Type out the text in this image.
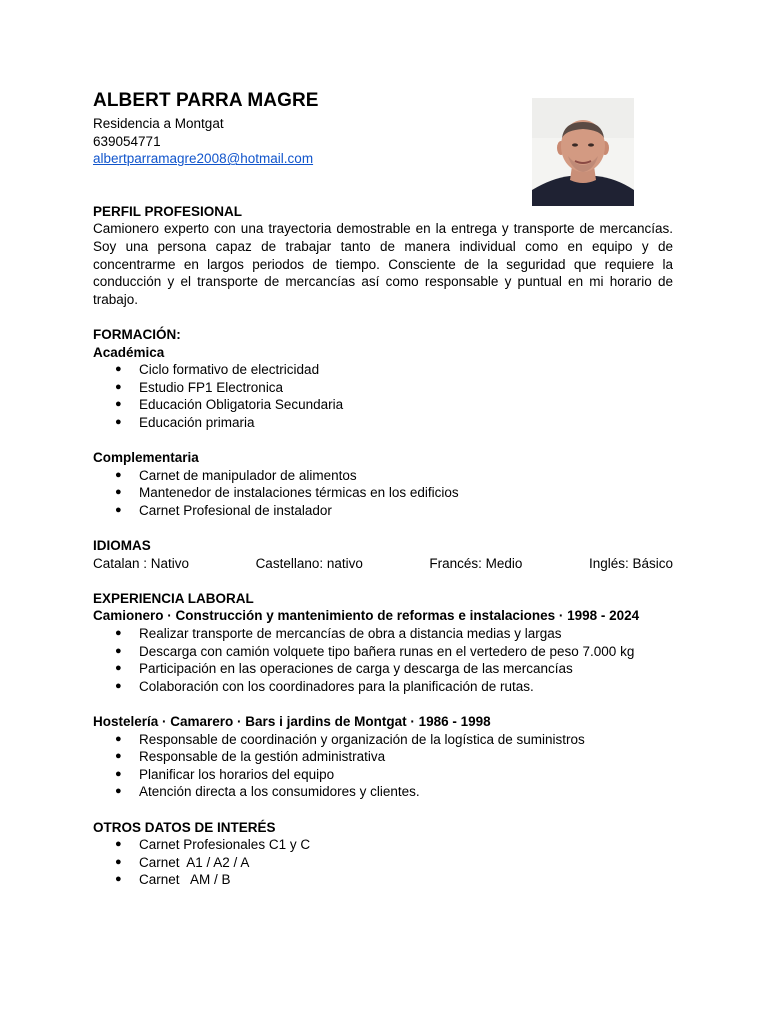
ALBERT PARRA MAGRE

Residencia a Montgat

639054771

albertparramagre2008@hotmail.com

PERFIL PROFESIONAL

Camionero experto con una trayectoria demostrable en la entrega y transporte de mercancías. Soy una persona capaz de trabajar tanto de manera individual como en equipo y de concentrarme en largos periodos de tiempo. Consciente de la seguridad que requiere la conducción y el transporte de mercancías así como responsable y puntual en mi horario de trabajo.

FORMACIÓN:

Académica

● Ciclo formativo de electricidad
● Estudio FP1 Electronica
● Educación Obligatoria Secundaria
● Educación primaria

Complementaria

● Carnet de manipulador de alimentos
● Mantenedor de instalaciones térmicas en los edificios
● Carnet Profesional de instalador

IDIOMAS

Catalan : Nativo	Castellano: nativo	Francés: Medio	Inglés: Básico

EXPERIENCIA LABORAL

Camionero · Construcción y mantenimiento de reformas e instalaciones · 1998 - 2024

● Realizar transporte de mercancías de obra a distancia medias y largas
● Descarga con camión volquete tipo bañera runas en el vertedero de peso 7.000 kg
● Participación en las operaciones de carga y descarga de las mercancías
● Colaboración con los coordinadores para la planificación de rutas.

Hostelería · Camarero · Bars i jardins de Montgat · 1986 - 1998

● Responsable de coordinación y organización de la logística de suministros
● Responsable de la gestión administrativa
● Planificar los horarios del equipo
● Atención directa a los consumidores y clientes.

OTROS DATOS DE INTERÉS

● Carnet Profesionales C1 y C
● Carnet  A1 / A2 / A
● Carnet   AM / B
